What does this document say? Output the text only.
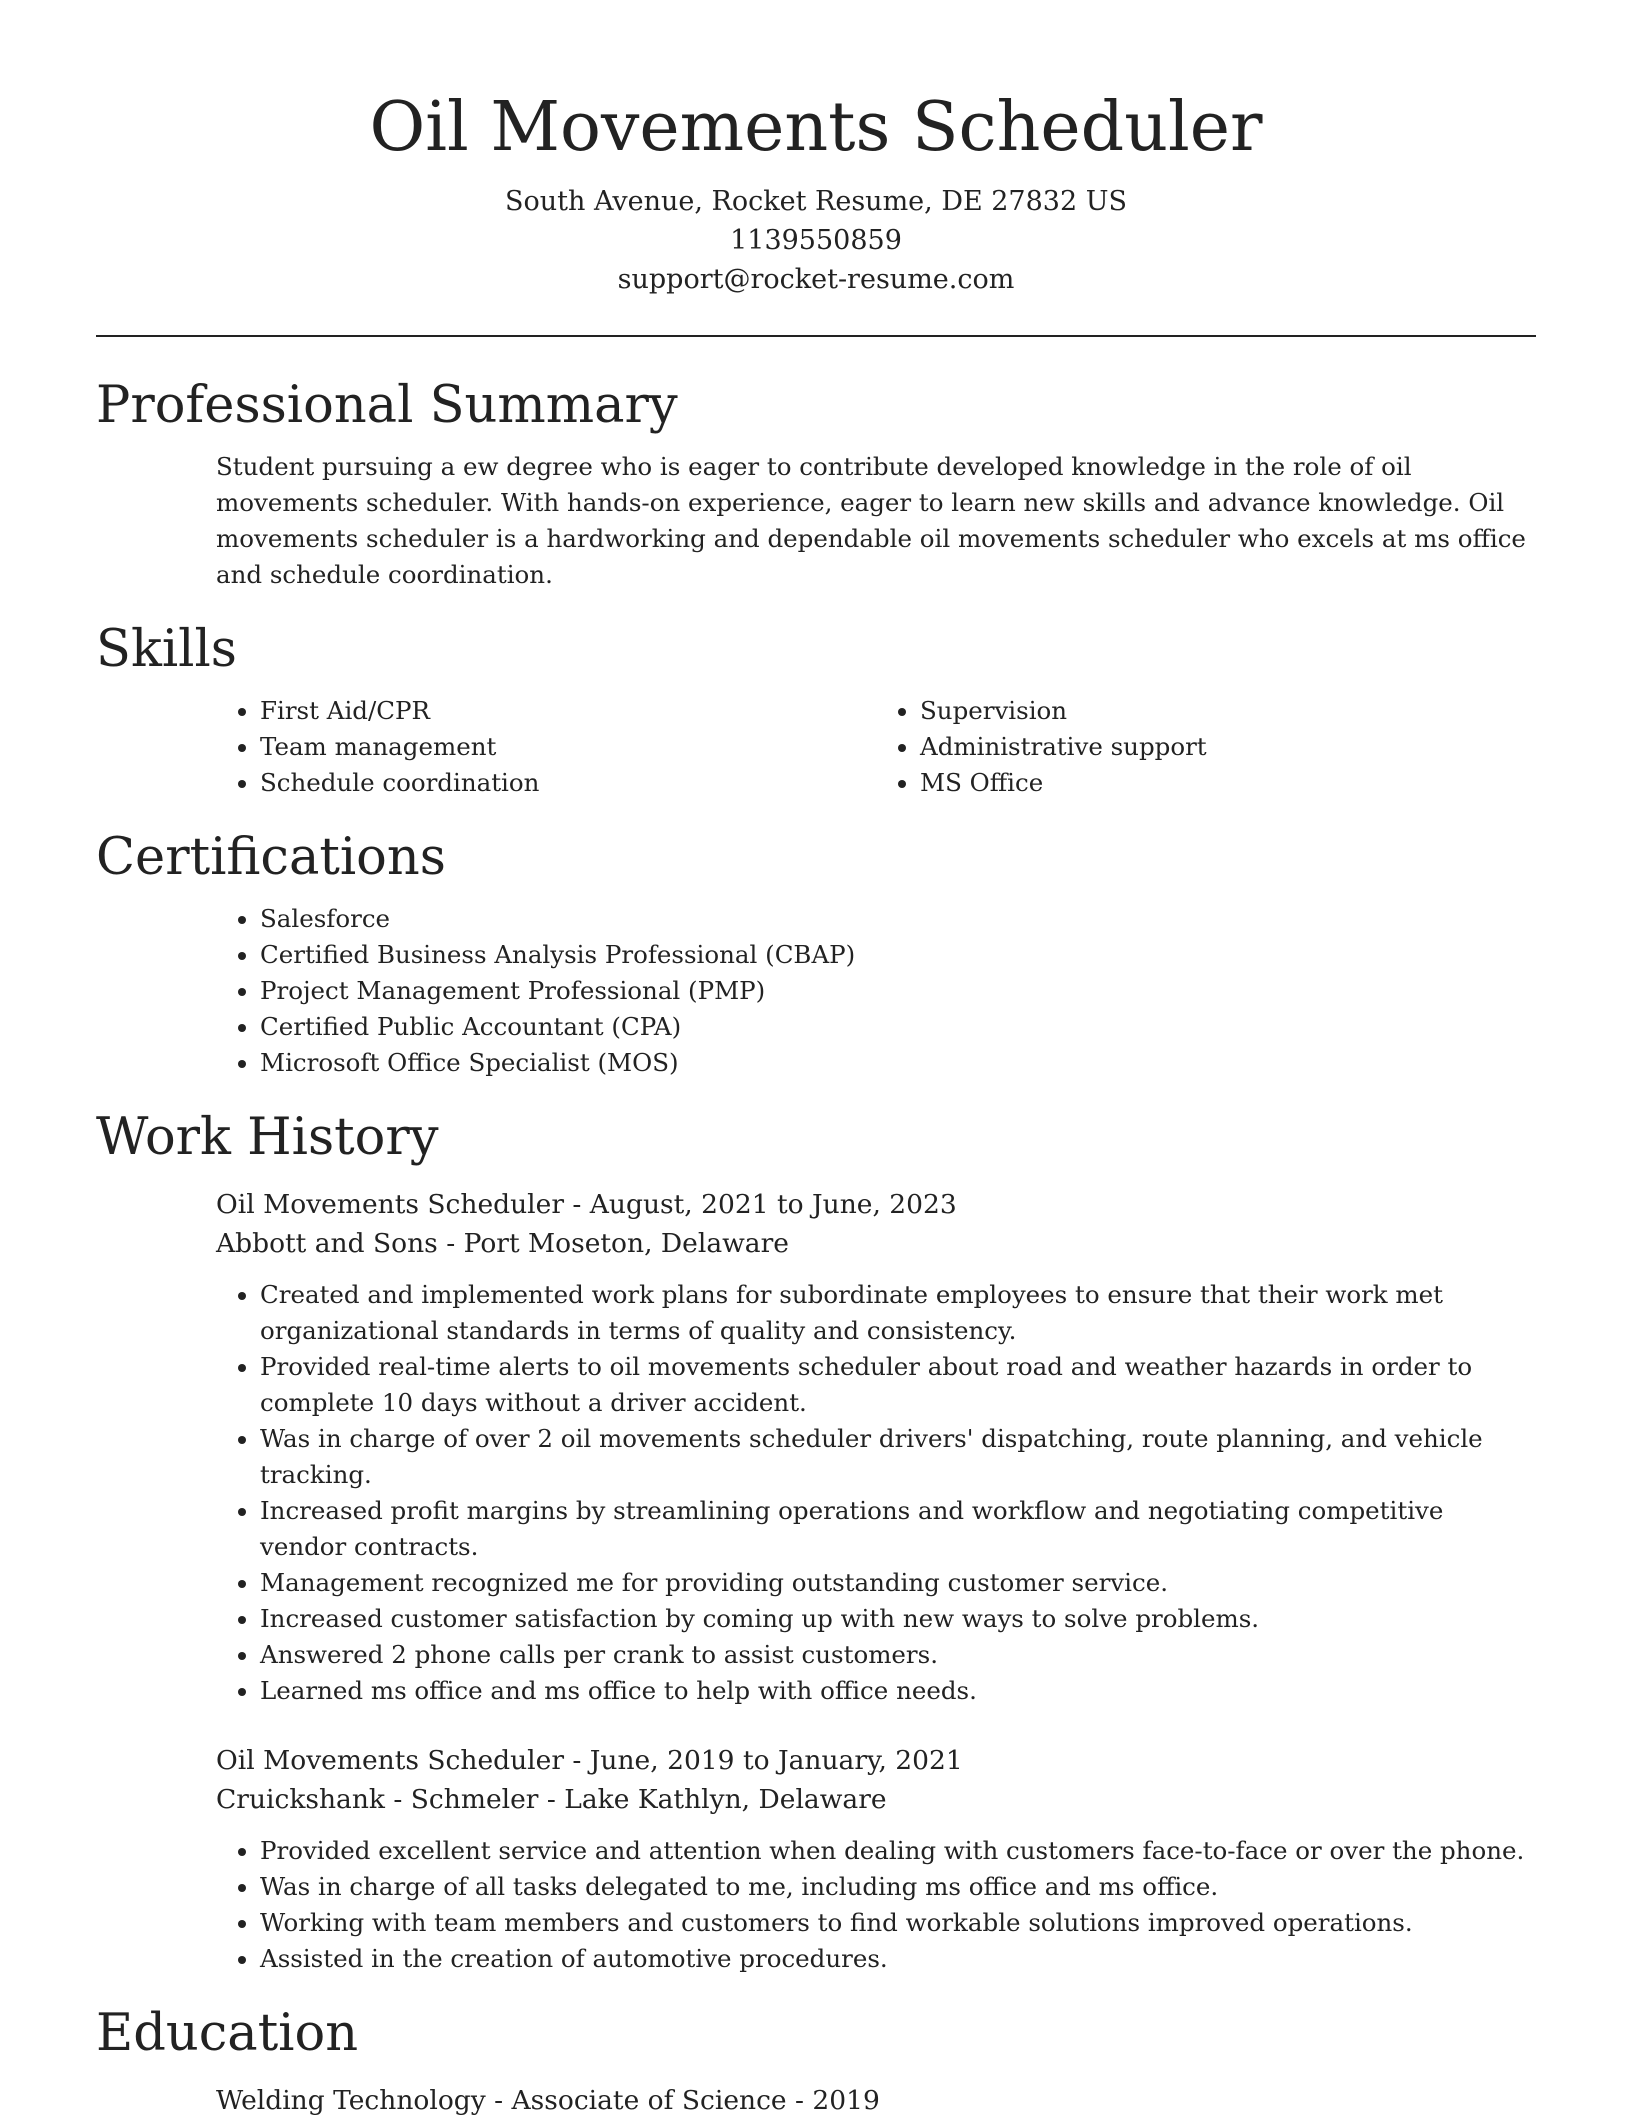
Oil Movements Scheduler

South Avenue, Rocket Resume, DE 27832 US

1139550859

support@rocket-resume.com

Professional Summary

Student pursuing a ew degree who is eager to contribute developed knowledge in the role of oil movements scheduler. With hands-on experience, eager to learn new skills and advance knowledge. Oil movements scheduler is a hardworking and dependable oil movements scheduler who excels at ms office and schedule coordination.

Skills
• First Aid/CPR
• Team management
• Schedule coordination
• Supervision
• Administrative support
• MS Office
Certifications
• Salesforce
• Certified Business Analysis Professional (CBAP)
• Project Management Professional (PMP)
• Certified Public Accountant (CPA)
• Microsoft Office Specialist (MOS)
Work History

Oil Movements Scheduler - August, 2021 to June, 2023

Abbott and Sons - Port Moseton, Delaware

• Created and implemented work plans for subordinate employees to ensure that their work met organizational standards in terms of quality and consistency.
• Provided real-time alerts to oil movements scheduler about road and weather hazards in order to complete 10 days without a driver accident.
• Was in charge of over 2 oil movements scheduler drivers' dispatching, route planning, and vehicle tracking.
• Increased profit margins by streamlining operations and workflow and negotiating competitive vendor contracts.
• Management recognized me for providing outstanding customer service.
• Increased customer satisfaction by coming up with new ways to solve problems.
• Answered 2 phone calls per crank to assist customers.
• Learned ms office and ms office to help with office needs.

Oil Movements Scheduler - June, 2019 to January, 2021

Cruickshank - Schmeler - Lake Kathlyn, Delaware

• Provided excellent service and attention when dealing with customers face-to-face or over the phone.
• Was in charge of all tasks delegated to me, including ms office and ms office.
• Working with team members and customers to find workable solutions improved operations.
• Assisted in the creation of automotive procedures.
Education

Welding Technology - Associate of Science - 2019
